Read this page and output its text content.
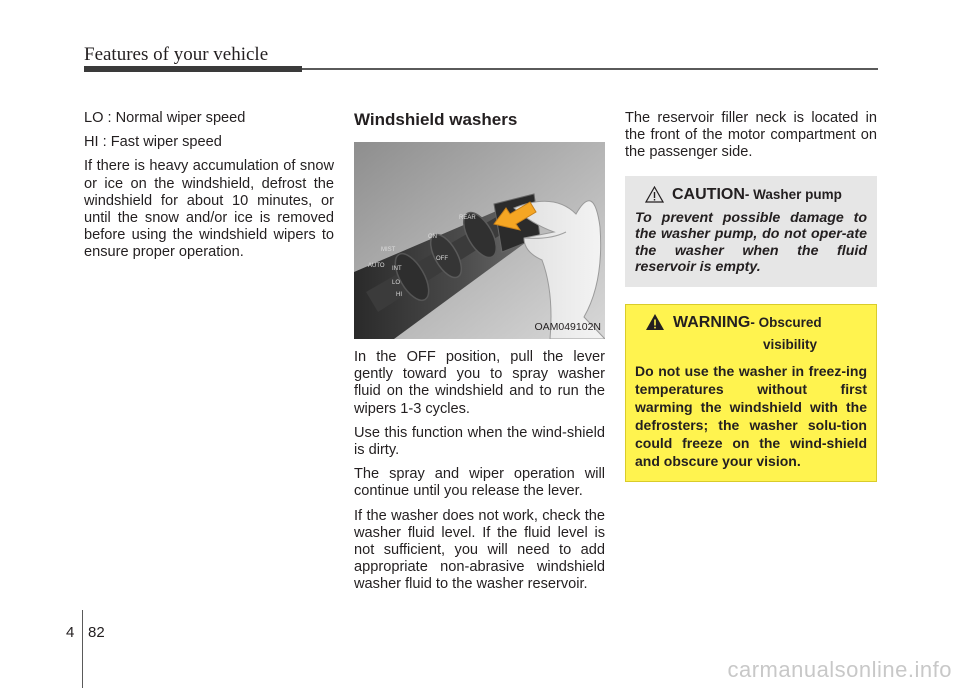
Features of your vehicle

LO : Normal wiper speed

HI : Fast wiper speed

If there is heavy accumulation of snow or ice on the windshield, defrost the windshield for about 10 minutes, or until the snow and/or ice is removed before using the windshield wipers to ensure proper operation.

Windshield washers
MIST
AUTO INT
LO
HI
OFF
ON
REAR
OAM049102N

In the OFF position, pull the lever gently toward you to spray washer fluid on the windshield and to run the wipers 1-3 cycles.

Use this function when the wind-shield is dirty.

The spray and wiper operation will continue until you release the lever.

If the washer does not work, check the washer fluid level. If the fluid level is not sufficient, you will need to add appropriate non-abrasive windshield washer fluid to the washer reservoir.

The reservoir filler neck is located in the front of the motor compartment on the passenger side.

CAUTION - Washer pump
To prevent possible damage to the washer pump, do not oper-ate the washer when the fluid reservoir is empty.
WARNING - Obscured
visibility
Do not use the washer in freez-ing temperatures without first warming the windshield with the defrosters; the washer solu-tion could freeze on the wind-shield and obscure your vision.
4 82
carmanualsonline.info
